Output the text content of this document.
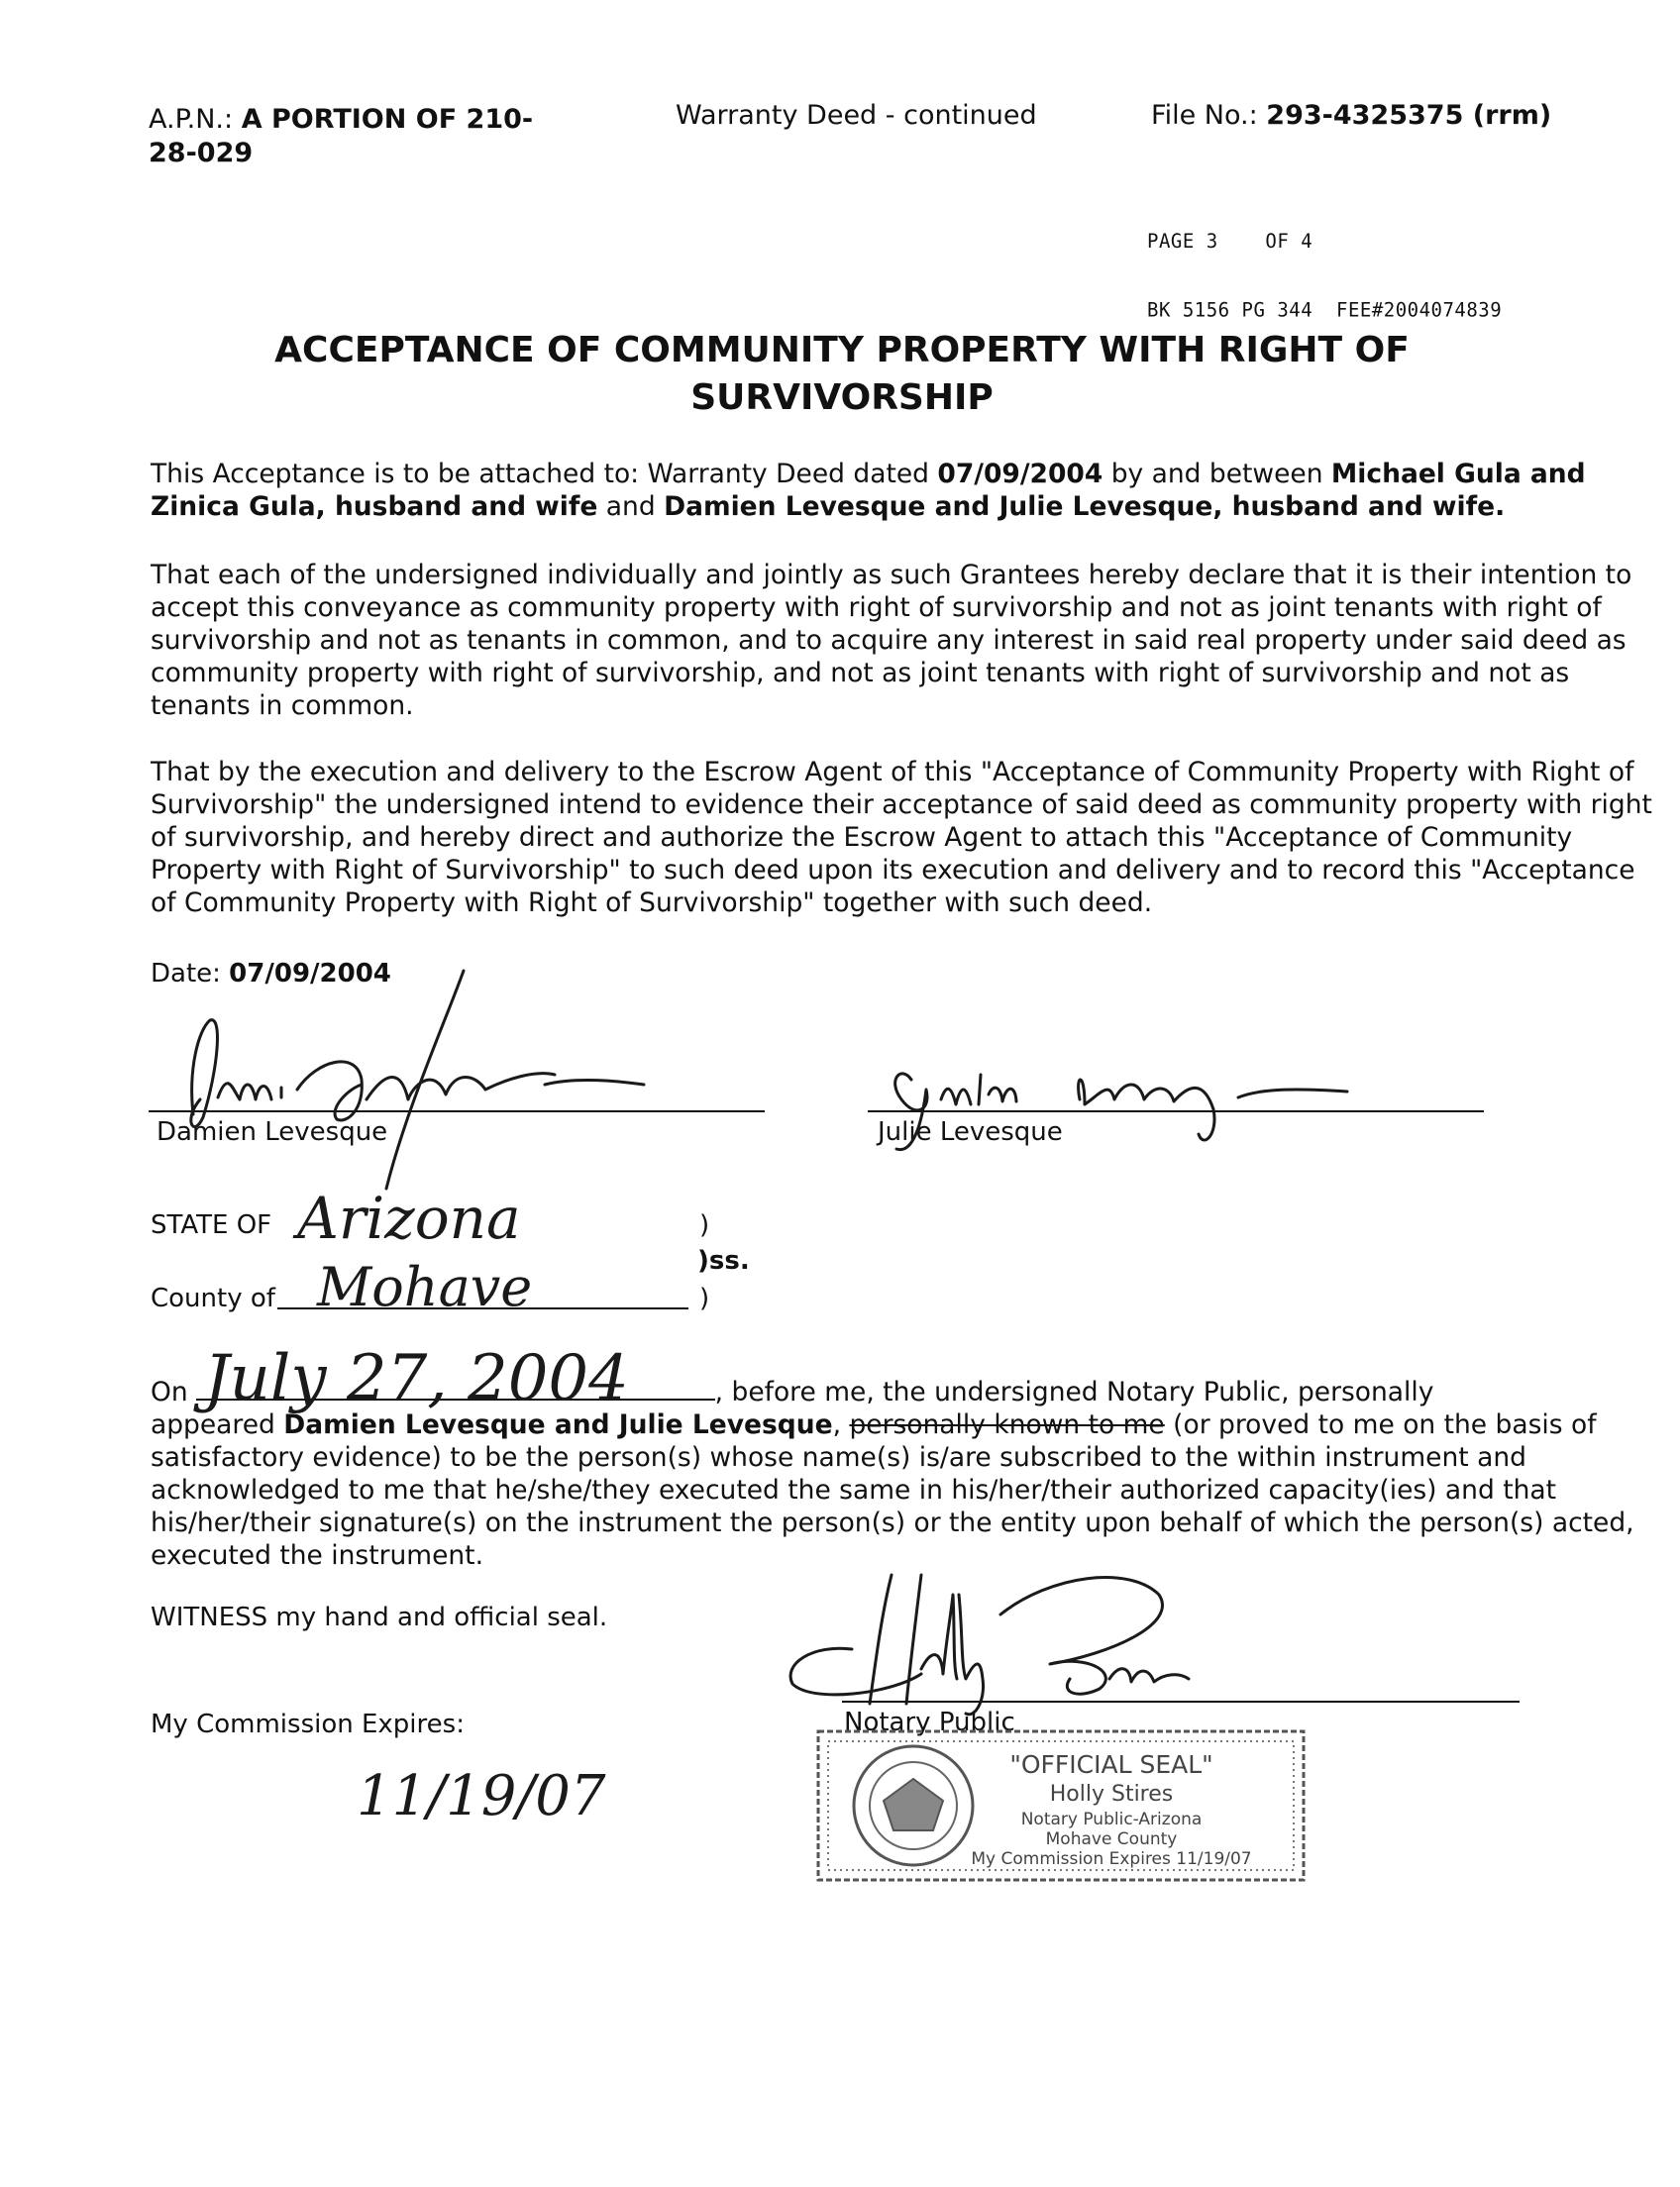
A.P.N.: A PORTION OF 210-
28-029
Warranty Deed - continued	File No.: 293-4325375 (rrm)

PAGE 3    OF 4

BK 5156 PG 344  FEE#2004074839

ACCEPTANCE OF COMMUNITY PROPERTY WITH RIGHT OF
SURVIVORSHIP
This Acceptance is to be attached to: Warranty Deed dated 07/09/2004 by and between Michael Gula and
Zinica Gula, husband and wife and Damien Levesque and Julie Levesque, husband and wife.
That each of the undersigned individually and jointly as such Grantees hereby declare that it is their intention to
accept this conveyance as community property with right of survivorship and not as joint tenants with right of
survivorship and not as tenants in common, and to acquire any interest in said real property under said deed as
community property with right of survivorship, and not as joint tenants with right of survivorship and not as
tenants in common.
That by the execution and delivery to the Escrow Agent of this "Acceptance of Community Property with Right of
Survivorship" the undersigned intend to evidence their acceptance of said deed as community property with right
of survivorship, and hereby direct and authorize the Escrow Agent to attach this "Acceptance of Community
Property with Right of Survivorship" to such deed upon its execution and delivery and to record this "Acceptance
of Community Property with Right of Survivorship" together with such deed.
Date: 07/09/2004
Damien Levesque	Julie Levesque
STATE OF Arizona	)
)ss.
County of Mohave	)
On	, before me, the undersigned Notary Public, personally
appeared Damien Levesque and Julie Levesque, personally known to me (or proved to me on the basis of
satisfactory evidence) to be the person(s) whose name(s) is/are subscribed to the within instrument and
acknowledged to me that he/she/they executed the same in his/her/their authorized capacity(ies) and that
his/her/their signature(s) on the instrument the person(s) or the entity upon behalf of which the person(s) acted,
executed the instrument.
July 27, 2004
WITNESS my hand and official seal.
Notary Public
My Commission Expires:
11/19/07	"OFFICIAL SEAL"
Holly Stires
Notary Public-Arizona
Mohave County
My Commission Expires 11/19/07
